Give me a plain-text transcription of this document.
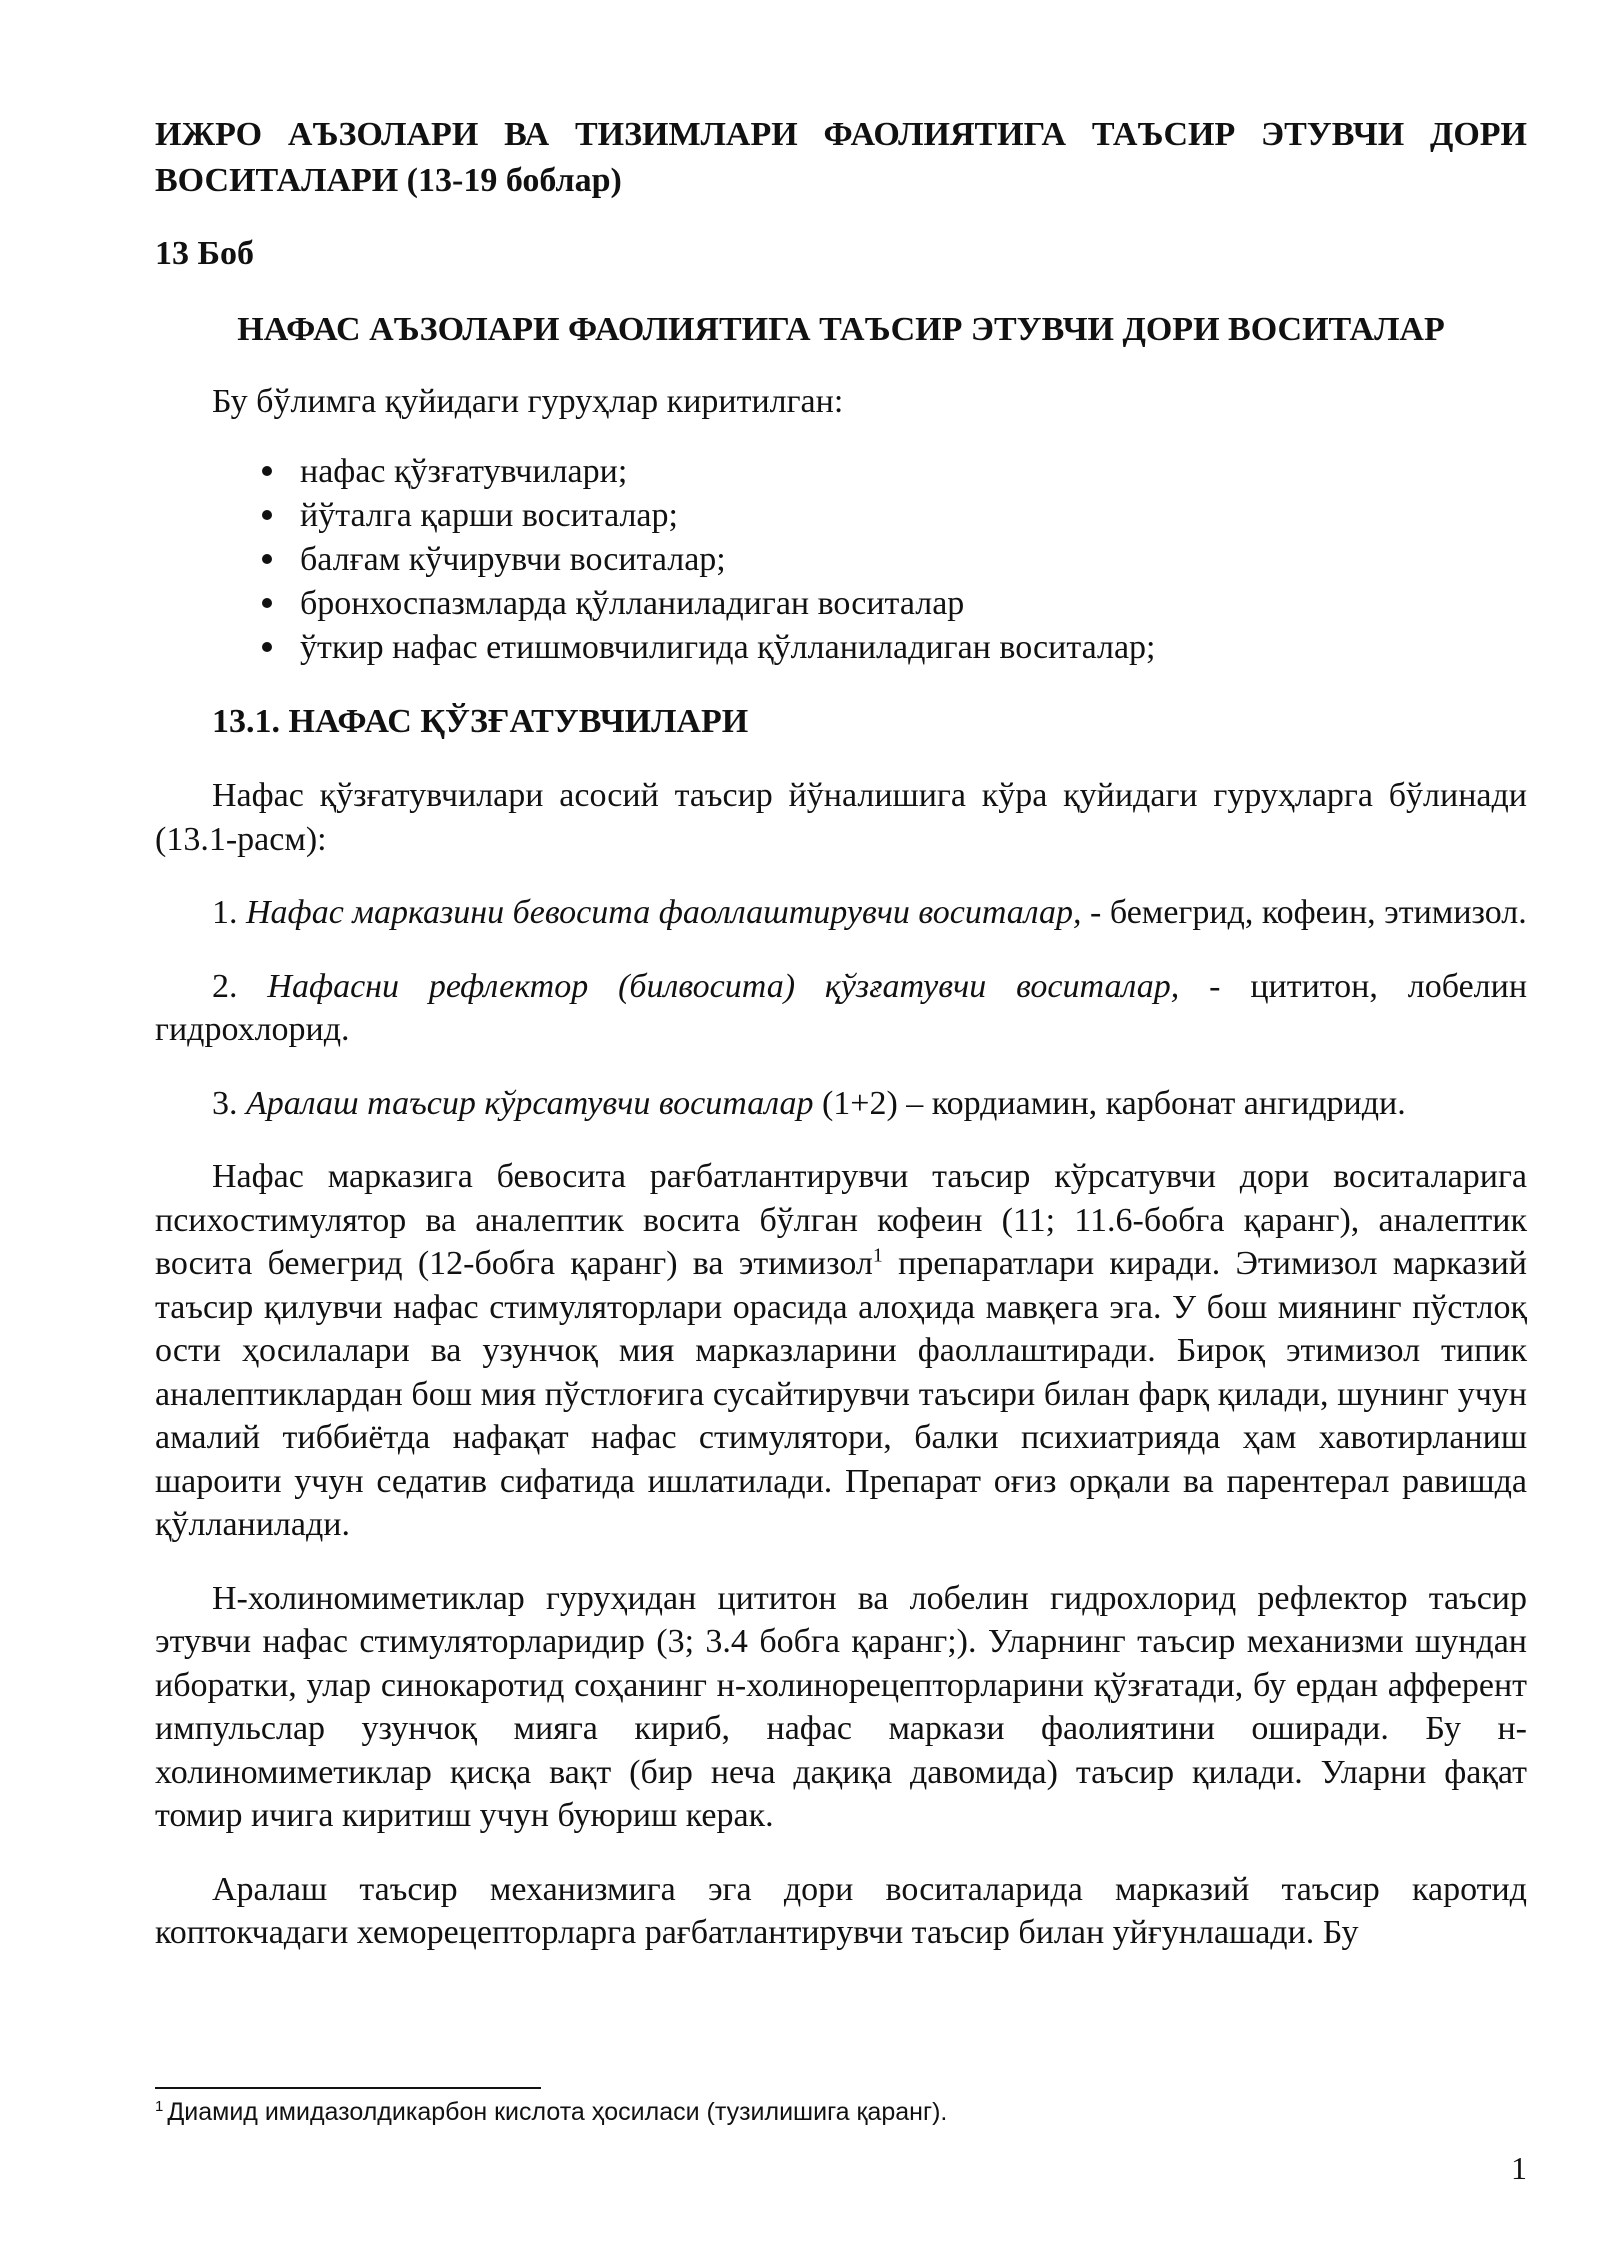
ИЖРО АЪЗОЛАРИ ВА ТИЗИМЛАРИ ФАОЛИЯТИГА ТАЪСИР ЭТУВЧИ ДОРИ ВОСИТАЛАРИ (13-19 боблар)
13 Боб
НАФАС АЪЗОЛАРИ ФАОЛИЯТИГА ТАЪСИР ЭТУВЧИ ДОРИ ВОСИТАЛАР
Бу бўлимга қуйидаги гуруҳлар киритилган:
нафас қўзғатувчилари;
йўталга қарши воситалар;
балғам кўчирувчи воситалар;
бронхоспазмларда қўлланиладиган воситалар
ўткир нафас етишмовчилигида қўлланиладиган воситалар;
13.1. НАФАС ҚЎЗҒАТУВЧИЛАРИ

Нафас қўзғатувчилари асосий таъсир йўналишига кўра қуйидаги гуруҳларга бўлинади (13.1-расм):

1. Нафас марказини бевосита фаоллаштирувчи воситалар, - бемегрид, кофеин, этимизол.

2. Нафасни рефлектор (билвосита) қўзғатувчи воситалар, - цититон, лобелин гидрохлорид.

3. Аралаш таъсир кўрсатувчи воситалар (1+2) – кордиамин, карбонат ангидриди.

Нафас марказига бевосита рағбатлантирувчи таъсир кўрсатувчи дори воситаларига психостимулятор ва аналептик восита бўлган кофеин (11; 11.6-бобга қаранг), аналептик восита бемегрид (12-бобга қаранг) ва этимизол$^1$ препаратлари киради. Этимизол марказий таъсир қилувчи нафас стимуляторлари орасида алоҳида мавқега эга. У бош миянинг пўстлоқ ости ҳосилалари ва узунчоқ мия марказларини фаоллаштиради. Бироқ этимизол типик аналептиклардан бош мия пўстлоғига сусайтирувчи таъсири билан фарқ қилади, шунинг учун амалий тиббиётда нафақат нафас стимулятори, балки психиатрияда ҳам хавотирланиш шароити учун седатив сифатида ишлатилади. Препарат оғиз орқали ва парентерал равишда қўлланилади.

Н-холиномиметиклар гуруҳидан цититон ва лобелин гидрохлорид рефлектор таъсир этувчи нафас стимуляторларидир (3; 3.4 бобга қаранг;). Уларнинг таъсир механизми шундан иборатки, улар синокаротид соҳанинг н-холинорецепторларини қўзғатади, бу ердан афферент импульслар узунчоқ мияга кириб, нафас маркази фаолиятини оширади. Бу н-холиномиметиклар қисқа вақт (бир неча дақиқа давомида) таъсир қилади. Уларни фақат томир ичига киритиш учун буюриш керак.

Аралаш таъсир механизмига эга дори воситаларида марказий таъсир каротид коптокчадаги хеморецепторларга рағбатлантирувчи таъсир билан уйғунлашади. Бу

$^1$ Диамид имидазолдикарбон кислота ҳосиласи (тузилишига қаранг).
1
